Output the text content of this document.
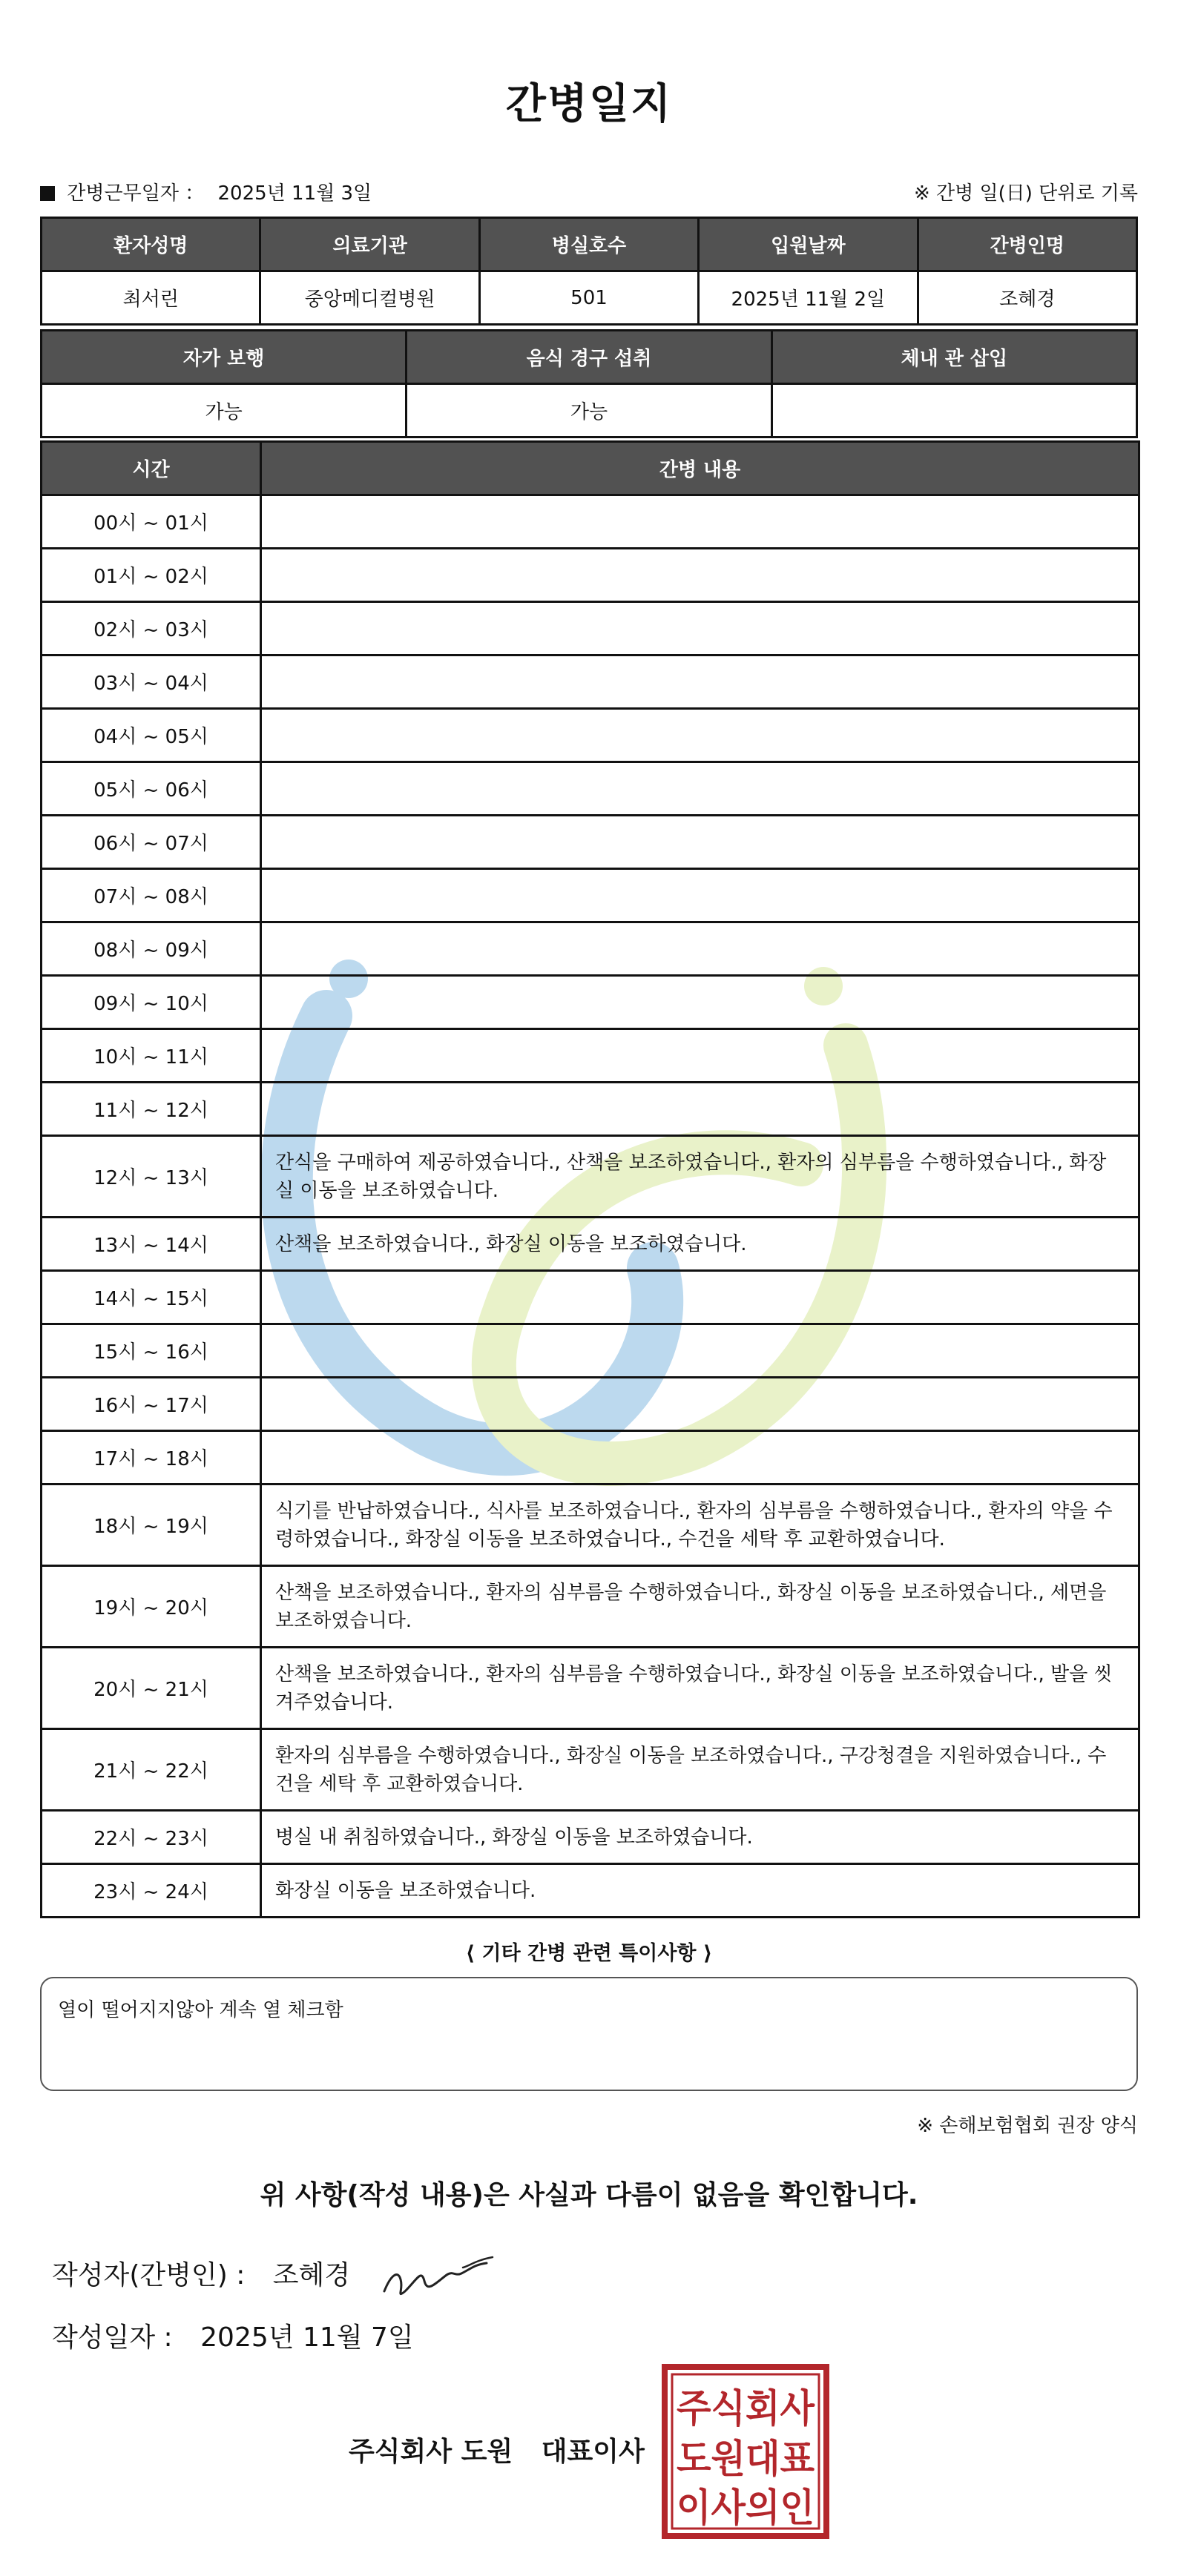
간병일지
간병근무일자 ： 2025년 11월 3일	※ 간병 일(日) 단위로 기록
환자성명	의료기관	병실호수	입원날짜	간병인명
최서린	중앙메디컬병원	501	2025년 11월 2일	조혜경
자가 보행	음식 경구 섭취	체내 관 삽입
가능	가능	
시간	간병 내용
00시 ~ 01시	
01시 ~ 02시	
02시 ~ 03시	
03시 ~ 04시	
04시 ~ 05시	
05시 ~ 06시	
06시 ~ 07시	
07시 ~ 08시	
08시 ~ 09시	
09시 ~ 10시	
10시 ~ 11시	
11시 ~ 12시	
12시 ~ 13시	간식을 구매하여 제공하였습니다., 산책을 보조하였습니다., 환자의 심부름을 수행하였습니다., 화장실 이동을 보조하였습니다.
13시 ~ 14시	산책을 보조하였습니다., 화장실 이동을 보조하였습니다.
14시 ~ 15시	
15시 ~ 16시	
16시 ~ 17시	
17시 ~ 18시	
18시 ~ 19시	식기를 반납하였습니다., 식사를 보조하였습니다., 환자의 심부름을 수행하였습니다., 환자의 약을 수령하였습니다., 화장실 이동을 보조하였습니다., 수건을 세탁 후 교환하였습니다.
19시 ~ 20시	산책을 보조하였습니다., 환자의 심부름을 수행하였습니다., 화장실 이동을 보조하였습니다., 세면을 보조하였습니다.
20시 ~ 21시	산책을 보조하였습니다., 환자의 심부름을 수행하였습니다., 화장실 이동을 보조하였습니다., 발을 씻겨주었습니다.
21시 ~ 22시	환자의 심부름을 수행하였습니다., 화장실 이동을 보조하였습니다., 구강청결을 지원하였습니다., 수건을 세탁 후 교환하였습니다.
22시 ~ 23시	병실 내 취침하였습니다., 화장실 이동을 보조하였습니다.
23시 ~ 24시	화장실 이동을 보조하였습니다.
⟨ 기타 간병 관련 특이사항 ⟩
열이 떨어지지않아 계속 열 체크함
※ 손해보험협회 권장 양식
위 사항(작성 내용)은 사실과 다름이 없음을 확인합니다.
작성자(간병인) : 조혜경
작성일자 : 2025년 11월 7일
주식회사 도원 대표이사
주식회사
도원대표
이사의인
